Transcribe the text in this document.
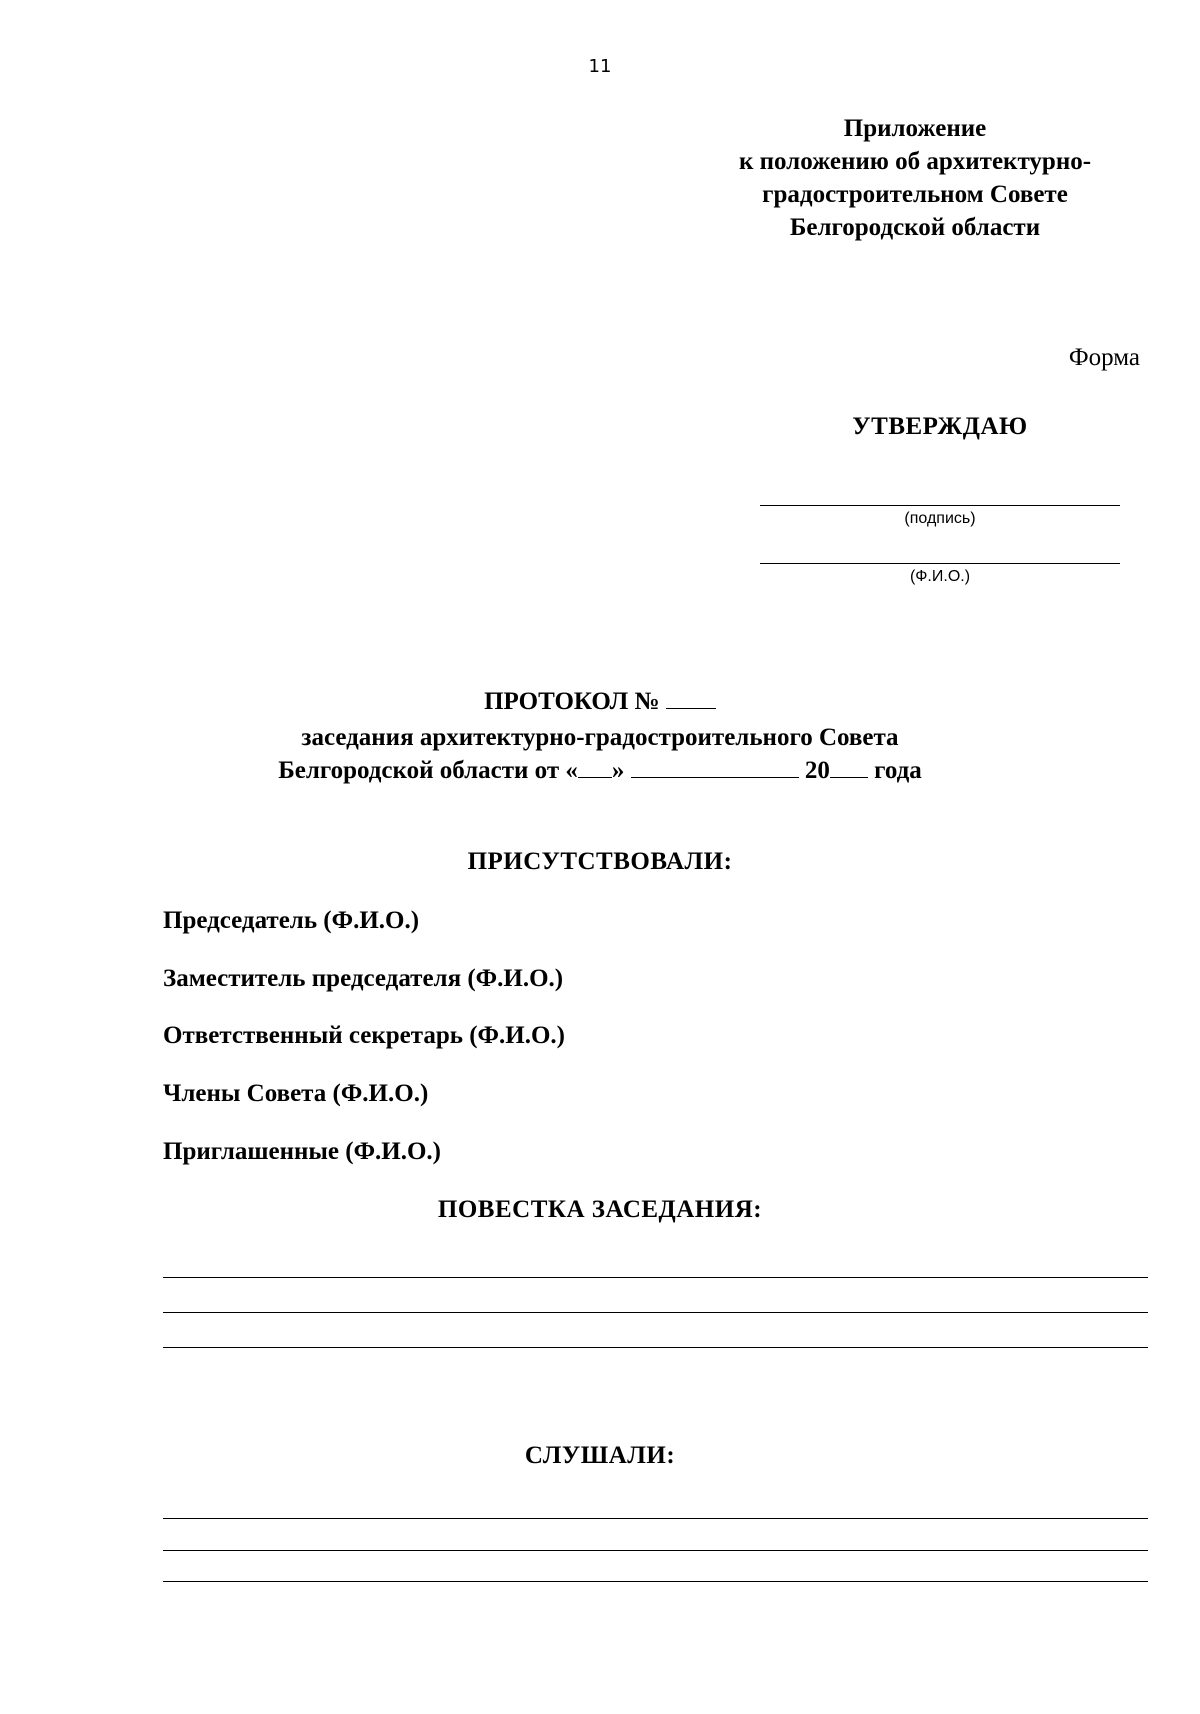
11
Приложение
к положению об архитектурно-
градостроительном Совете
Белгородской области
Форма
УТВЕРЖДАЮ
(подпись)
(Ф.И.О.)
ПРОТОКОЛ №
заседания архитектурно-градостроительного Совета
Белгородской области от « »	20 года
ПРИСУТСТВОВАЛИ:
Председатель (Ф.И.О.)
Заместитель председателя (Ф.И.О.)
Ответственный секретарь (Ф.И.О.)
Члены Совета (Ф.И.О.)
Приглашенные (Ф.И.О.)
ПОВЕСТКА ЗАСЕДАНИЯ:
СЛУШАЛИ:
